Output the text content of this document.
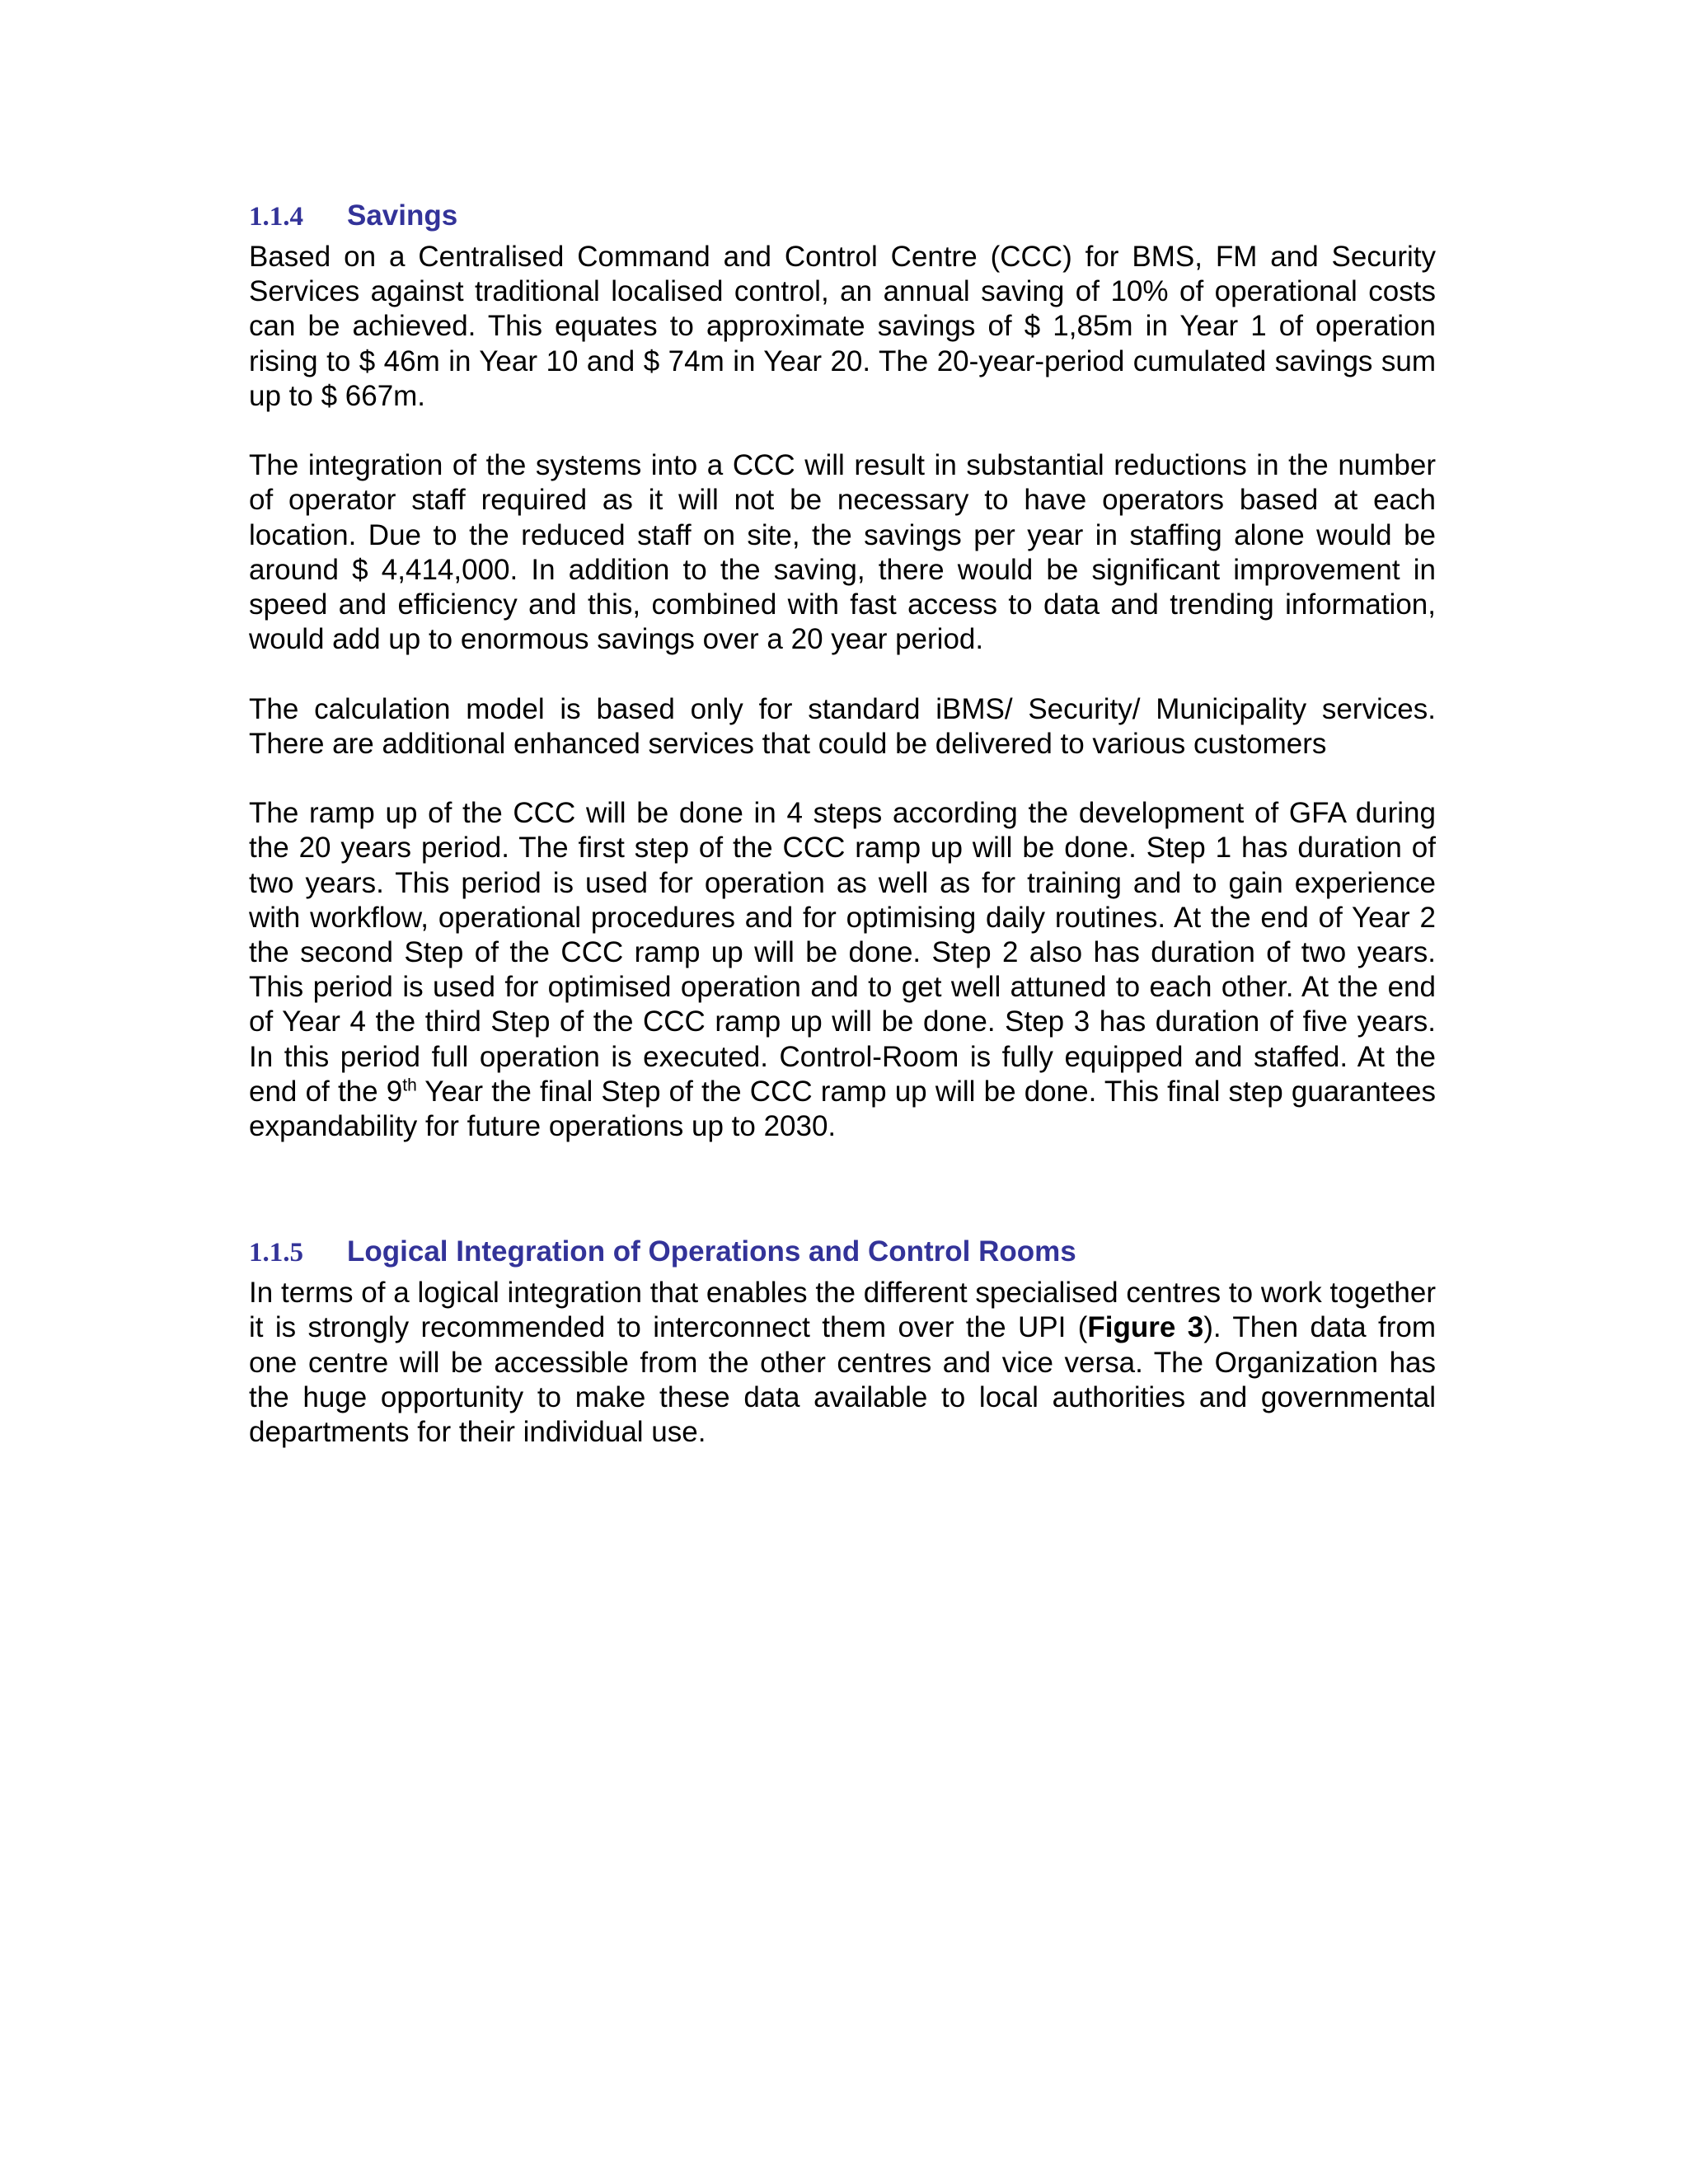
1.1.4	Savings

Based on a Centralised Command and Control Centre (CCC) for BMS, FM and Security Services against traditional localised control, an annual saving of 10% of operational costs can be achieved. This equates to approximate savings of $ 1,85m in Year 1 of operation rising to $ 46m in Year 10 and $ 74m in Year 20. The 20-year-period cumulated savings sum up to $ 667m.

The integration of the systems into a CCC will result in substantial reductions in the number of operator staff required as it will not be necessary to have operators based at each location. Due to the reduced staff on site, the savings per year in staffing alone would be around $ 4,414,000. In addition to the saving, there would be significant improvement in speed and efficiency and this, combined with fast access to data and trending information, would add up to enormous savings over a 20 year period.

The calculation model is based only for standard iBMS/ Security/ Municipality services. There are additional enhanced services that could be delivered to various customers

The ramp up of the CCC will be done in 4 steps according the development of GFA during the 20 years period. The first step of the CCC ramp up will be done. Step 1 has duration of two years. This period is used for operation as well as for training and to gain experience with workflow, operational procedures and for optimising daily routines. At the end of Year 2 the second Step of the CCC ramp up will be done. Step 2 also has duration of two years. This period is used for optimised operation and to get well attuned to each other. At the end of Year 4 the third Step of the CCC ramp up will be done. Step 3 has duration of five years. In this period full operation is executed. Control-Room is fully equipped and staffed. At the end of the 9th Year the final Step of the CCC ramp up will be done. This final step guarantees expandability for future operations up to 2030.

1.1.5	Logical Integration of Operations and Control Rooms

In terms of a logical integration that enables the different specialised centres to work together it is strongly recommended to interconnect them over the UPI (Figure 3). Then data from one centre will be accessible from the other centres and vice versa. The Organization has the huge opportunity to make these data available to local authorities and governmental departments for their individual use.
